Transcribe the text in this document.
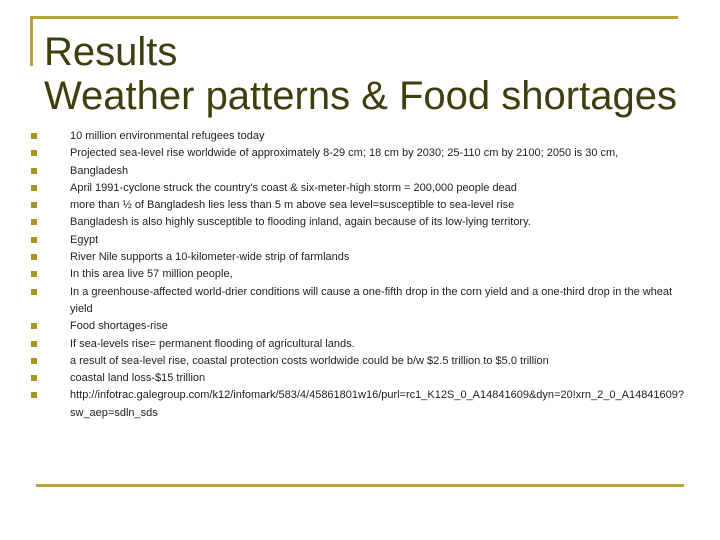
Results
Weather patterns & Food shortages
10 million environmental refugees today
Projected sea-level rise worldwide of approximately 8-29 cm; 18 cm by 2030; 25-110 cm by 2100; 2050 is 30 cm,
Bangladesh
April 1991-cyclone struck the country's coast & six-meter-high storm = 200,000 people dead
more than ½ of Bangladesh lies less than 5 m above sea level=susceptible to sea-level rise
Bangladesh is also highly susceptible to flooding inland, again because of its low-lying territory.
Egypt
River Nile supports a 10-kilometer-wide strip of farmlands
In this area live 57 million people,
In a greenhouse-affected world-drier conditions will cause a one-fifth drop in the corn yield and a one-third drop in the wheat yield
Food shortages-rise
If sea-levels rise= permanent flooding of agricultural lands.
a result of sea-level rise, coastal protection costs worldwide could be b/w $2.5 trillion to $5.0 trillion
coastal land loss-$15 trillion
http://infotrac.galegroup.com/k12/infomark/583/4/45861801w16/purl=rc1_K12S_0_A14841609&dyn=20!xrn_2_0_A14841609?sw_aep=sdln_sds
